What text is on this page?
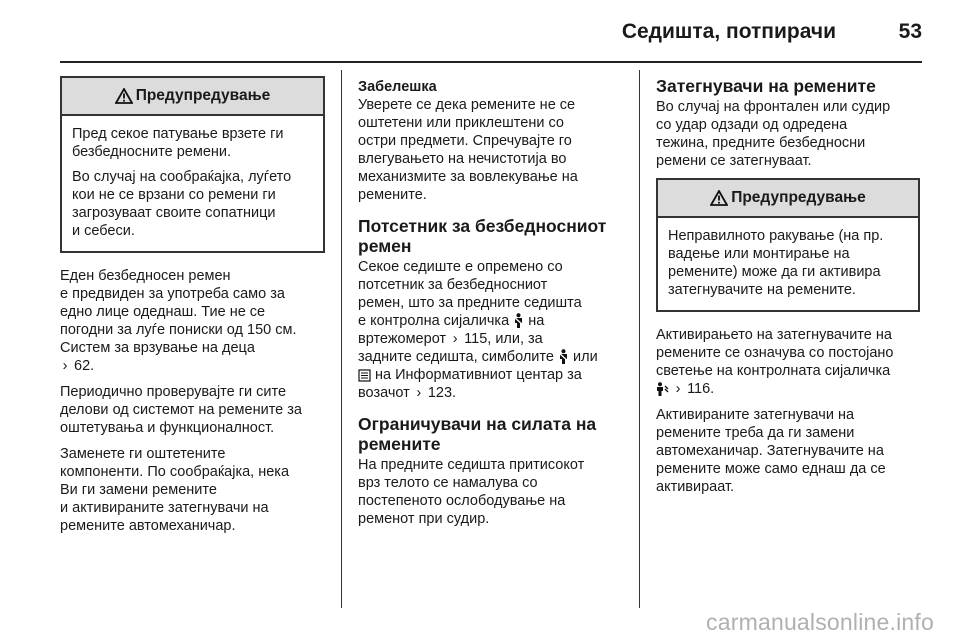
Седишта, потпирачи	53
Предупредување

Пред секое патување врзете ги
безбедносните ремени.

Во случај на сообраќајка, луѓето
кои не се врзани со ремени ги
загрозуваат своите сопатници
и себеси.

Еден безбедносен ремен
е предвиден за употреба само за
едно лице одеднаш. Тие не се
погодни за луѓе пониски од 150 см.
Систем за врзување на деца
› 62.

Периодично проверувајте ги сите
делови од системот на ремените за
оштетувања и функционалност.

Заменете ги оштетените
компоненти. По сообраќајка, нека
Ви ги замени ремените
и активираните затегнувачи на
ремените автомеханичар.

Забелешка

Уверете се дека ремените не се
оштетени или приклештени со
остри предмети. Спречувајте го
влегувањето на нечистотија во
механизмите за вовлекување на
ремените.

Потсетник за безбедносниот
ремен

Секое седиште е опремено со
потсетник за безбедносниот
ремен, што за предните седишта
е контролна сијаличка на
вртежомерот › 115, или, за
задните седишта, симболите или
на Информативниот центар за
возачот › 123.

Ограничувачи на силата на
ремените

На предните седишта притисокот
врз телото се намалува со
постепеното ослободување на
ременот при судир.

Затегнувачи на ремените

Во случај на фронтален или судир
со удар одзади од одредена
тежина, предните безбедносни
ремени се затегнуваат.

Предупредување

Неправилното ракување (на пр.
вадење или монтирање на
ремените) може да ги активира
затегнувачите на ремените.

Активирањето на затегнувачите на
ремените се означува со постојано
светење на контролната сијаличка
› 116.

Активираните затегнувачи на
ремените треба да ги замени
автомеханичар. Затегнувачите на
ремените може само еднаш да се
активираат.

carmanualsonline.info
